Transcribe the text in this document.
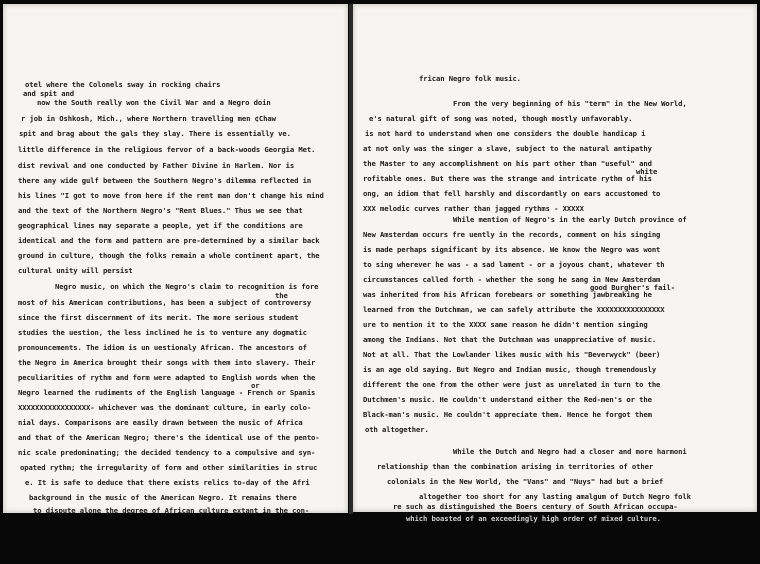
otel where the Colonels sway in rocking chairs
and spit and
now the South really won the Civil War and a Negro doin
r job in Oshkosh, Mich., where Northern travelling men ¢Chaw
spit and brag about the gals they slay. There is essentially ve.
little difference in the religious fervor of a back-woods Georgia Met.
dist revival and one conducted by Father Divine in Harlem. Nor is
there any wide gulf between the Southern Negro's dilemma reflected in
his lines "I got to move from here if the rent man don't change his mind
and the text of the Northern Negro's "Rent Blues." Thus we see that
geographical lines may separate a people, yet if the conditions are
identical and the form and pattern are pre-determined by a similar back
ground in culture, though the folks remain a whole continent apart, the
cultural unity will persist
Negro music, on which the Negro's claim to recognition is fore
the
most of his American contributions, has been a subject of controversy
since the first discernment of its merit. The more serious student
studies the uestion, the less inclined he is to venture any dogmatic
pronouncements. The idiom is un uestionaly African. The ancestors of
the Negro in America brought their songs with them into slavery. Their
peculiarities of rythm and form were adapted to English words when the
or
Negro learned the rudiments of the English language - French or Spanis
XXXXXXXXXXXXXXXXX- whichever was the dominant culture, in early colo-
nial days. Comparisons are easily drawn between the music of Africa
and that of the American Negro; there's the identical use of the pento-
nic scale predominating; the decided tendency to a compulsive and syn-
opated rythm; the irregularity of form and other similarities in struc
e. It is safe to deduce that there exists relics to-day of the Afri
background in the music of the American Negro. It remains there
to dispute alone the degree of African culture extant in the con-
frican Negro folk music.
From the very beginning of his "term" in the New World,
e's natural gift of song was noted, though mostly unfavorably.
is not hard to understand when one considers the double handicap i
at not only was the singer a slave, subject to the natural antipathy
the Master to any accomplishment on his part other than "useful" and
white
rofitable ones. But there was the strange and intricate rythm of his
ong, an idiom that fell harshly and discordantly on ears accustomed to
XXX melodic curves rather than jagged rythms - XXXXX
While mention of Negro's in the early Dutch province of
New Amsterdam occurs fre uently in the records, comment on his singing
is made perhaps significant by its absence. We know the Negro was wont
to sing wherever he was - a sad lament - or a joyous chant, whatever th
circumstances called forth - whether the song he sang in New Amsterdam
good Burgher's fail-
was inherited from his African forebears or something jawbreaking he
learned from the Dutchman, we can safely attribute the XXXXXXXXXXXXXXXX
ure to mention it to the XXXX same reason he didn't mention singing
among the Indians. Not that the Dutchman was unappreciative of music.
Not at all. That the Lowlander likes music with his "Beverwyck" (beer)
is an age old saying. But Negro and Indian music, though tremendously
different the one from the other were just as unrelated in turn to the
Dutchmen's music. He couldn't understand either the Red-men's or the
Black-man's music. He couldn't appreciate them. Hence he forgot them
oth altogether.
While the Dutch and Negro had a closer and more harmoni
relationship than the combination arising in territories of other
colonials in the New World, the "Vans" and "Nuys" had but a brief
altogether too short for any lasting amalgum of Dutch Negro folk
re such as distinguished the Boers century of South African occupa-
which boasted of an exceedingly high order of mixed culture.
